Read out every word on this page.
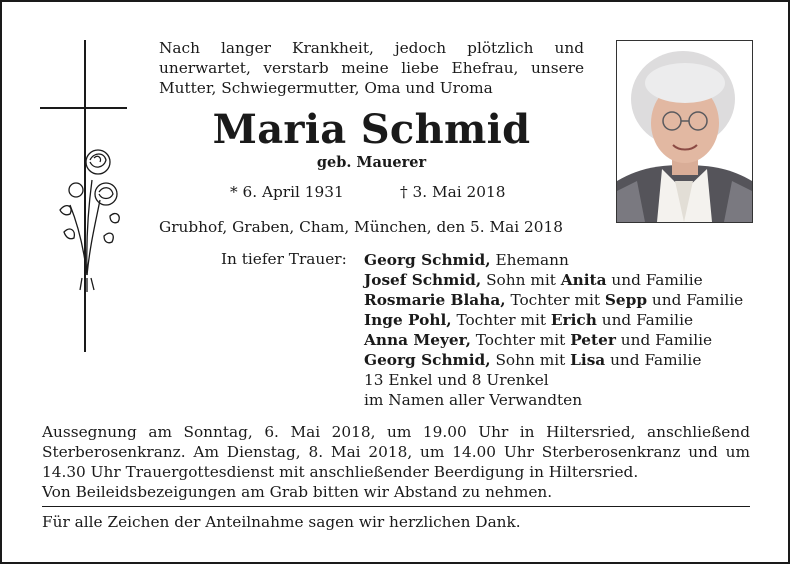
Nach langer Krankheit, jedoch plötzlich und unerwartet, verstarb meine liebe Ehefrau, unsere Mutter, Schwiegermutter, Oma und Uroma
Maria Schmid
geb. Mauerer
* 6. April 1931	† 3. Mai 2018
Grubhof, Graben, Cham, München, den 5. Mai 2018
In tiefer Trauer: Georg Schmid, Ehemann
Josef Schmid, Sohn mit Anita und Familie
Rosmarie Blaha, Tochter mit Sepp und Familie
Inge Pohl, Tochter mit Erich und Familie
Anna Meyer, Tochter mit Peter und Familie
Georg Schmid, Sohn mit Lisa und Familie
13 Enkel und 8 Urenkel
im Namen aller Verwandten

Aussegnung am Sonntag, 6. Mai 2018, um 19.00 Uhr in Hiltersried, anschließend Sterberosenkranz. Am Dienstag, 8. Mai 2018, um 14.00 Uhr Sterberosenkranz und um 14.30 Uhr Trauergottesdienst mit anschließender Beerdigung in Hiltersried.

Von Beileidsbezeigungen am Grab bitten wir Abstand zu nehmen.

Für alle Zeichen der Anteilnahme sagen wir herzlichen Dank.
